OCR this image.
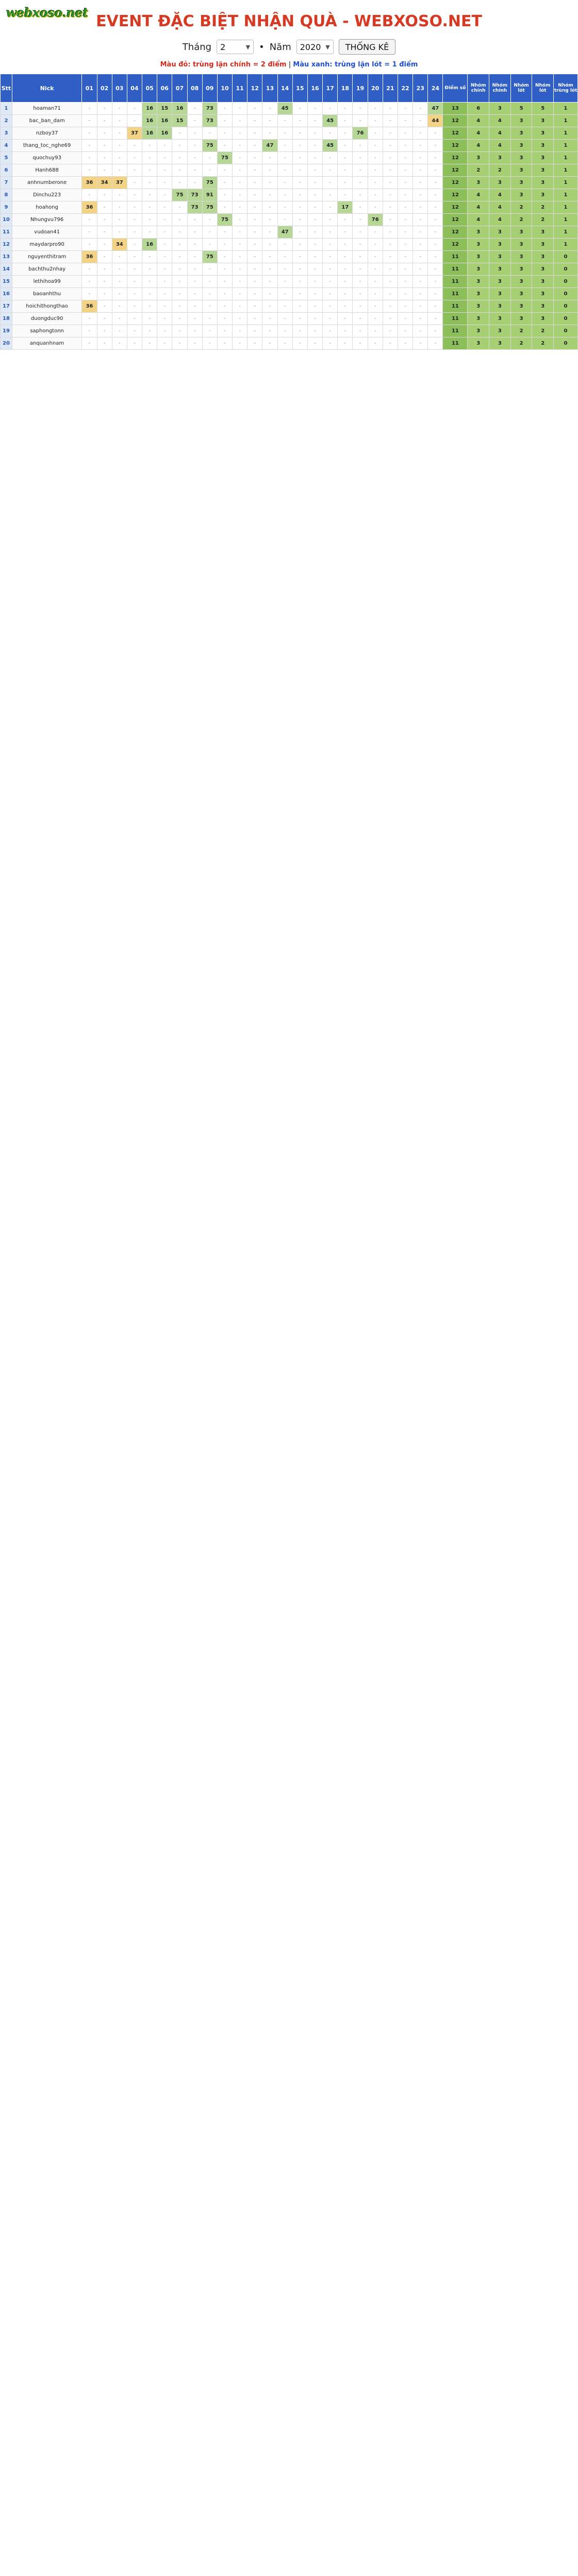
webxoso.net EVENT ĐẶC BIỆT NHẬN QUÀ - WEBXOSO.NET
Tháng 2	▼ • Năm 2020 ▼	THỐNG KÊ
Màu đỏ: trùng lặn chính = 2 điểm | Màu xanh: trùng lặn lót = 1 điểm
Stt	Nick	01	02	03	04	05	06	07	08	09	10	11	12	13	14	15	16	17	18	19	20	21	22	23	24	Điểm số	Nhóm chính	Nhóm chính	Nhóm lót	Nhóm lót	Nhóm trùng lót
1	hoaman71	-	-	-	-	16	15	16	-	73	-	-	-	-	45	-	-	-	-	-	-	-	-	-	47	13	6	3	5	5	1
2	bac_ban_dam	-	-	-	-	16	16	15	-	73	-	-	-	-	-	-	-	45	-	-	-	-	-	-	44	12	4	4	3	3	1
3	nzboy37	-	-	-	37	16	16	-	-	-	-	-	-	-	-	-	-	-	-	76	-	-	-	-	-	12	4	4	3	3	1
4	thang_toc_nghe69	-	-	-	-	-	-	-	-	75	-	-	-	47	-	-	-	45	-	-	-	-	-	-	-	12	4	4	3	3	1
5	quochuy93	-	-	-	-	-	-	-	-	-	75	-	-	-	-	-	-	-	-	-	-	-	-	-	-	12	3	3	3	3	1
6	Hanh688	-	-	-	-	-	-	-	-	-	-	-	-	-	-	-	-	-	-	-	-	-	-	-	-	12	2	2	3	3	1
7	anhnumberone	36	34	37	-	-	-	-	-	75	-	-	-	-	-	-	-	-	-	-	-	-	-	-	-	12	3	3	3	3	1
8	Dinchu223	-	-	-	-	-	-	75	73	91	-	-	-	-	-	-	-	-	-	-	-	-	-	-	-	12	4	4	3	3	1
9	hoahong	36	-	-	-	-	-	-	73	75	-	-	-	-	-	-	-	-	17	-	-	-	-	-	-	12	4	4	2	2	1
10	Nhungvu796	-	-	-	-	-	-	-	-	-	75	-	-	-	-	-	-	-	-	-	76	-	-	-	-	12	4	4	2	2	1
11	vudoan41	-	-	-	-	-	-	-	-	-	-	-	-	-	47	-	-	-	-	-	-	-	-	-	-	12	3	3	3	3	1
12	maydarpro90	-	-	34	-	16	-	-	-	-	-	-	-	-	-	-	-	-	-	-	-	-	-	-	-	12	3	3	3	3	1
13	nguyenthitram	36	-	-	-	-	-	-	-	75	-	-	-	-	-	-	-	-	-	-	-	-	-	-	-	11	3	3	3	3	0
14	bachthu2nhay	-	-	-	-	-	-	-	-	-	-	-	-	-	-	-	-	-	-	-	-	-	-	-	-	11	3	3	3	3	0
15	lethihoa99	-	-	-	-	-	-	-	-	-	-	-	-	-	-	-	-	-	-	-	-	-	-	-	-	11	3	3	3	3	0
16	baoanhthu	-	-	-	-	-	-	-	-	-	-	-	-	-	-	-	-	-	-	-	-	-	-	-	-	11	3	3	3	3	0
17	hoichithongthao	36	-	-	-	-	-	-	-	-	-	-	-	-	-	-	-	-	-	-	-	-	-	-	-	11	3	3	3	3	0
18	duongduc90	-	-	-	-	-	-	-	-	-	-	-	-	-	-	-	-	-	-	-	-	-	-	-	-	11	3	3	3	3	0
19	saphongtonn	-	-	-	-	-	-	-	-	-	-	-	-	-	-	-	-	-	-	-	-	-	-	-	-	11	3	3	2	2	0
20	anquanhnam	-	-	-	-	-	-	-	-	-	-	-	-	-	-	-	-	-	-	-	-	-	-	-	-	11	3	3	2	2	0
